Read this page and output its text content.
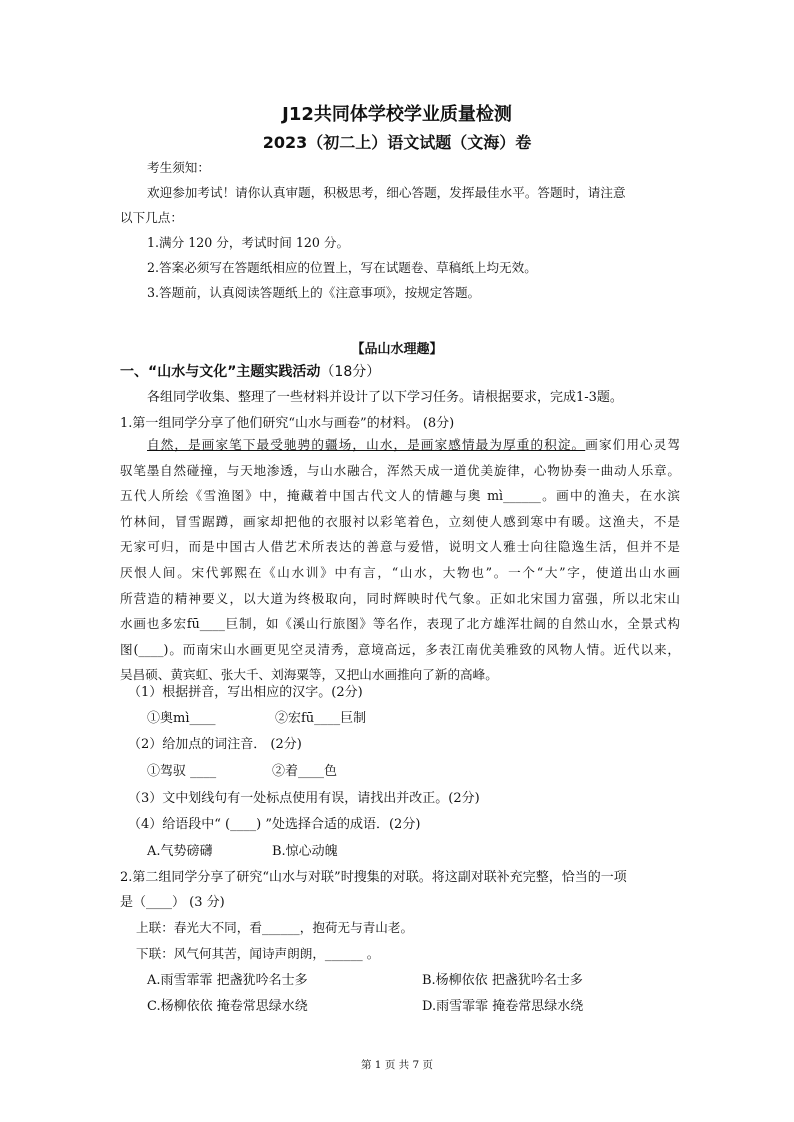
J12共同体学校学业质量检测
2023（初二上）语文试题（文海）卷
考生须知：
欢迎参加考试！请你认真审题，积极思考，细心答题，发挥最佳水平。答题时，请注意
以下几点：
1.满分 120 分，考试时间 120 分。
2.答案必须写在答题纸相应的位置上，写在试题卷、草稿纸上均无效。
3.答题前，认真阅读答题纸上的《注意事项》，按规定答题。
【品山水理趣】
一、“山水与文化”主题实践活动（18分）
各组同学收集、整理了一些材料并设计了以下学习任务。请根据要求，完成1-3题。
1.第一组同学分享了他们研究“山水与画卷”的材料。 (8分)
自然，是画家笔下最受驰骋的疆场，山水，是画家感情最为厚重的积淀。画家们用心灵驾
驭笔墨自然碰撞，与天地渗透，与山水融合，浑然天成一道优美旋律，心物协奏一曲动人乐章。
五代人所绘《雪渔图》中，掩藏着中国古代文人的情趣与奥 mì______。画中的渔夫，在水滨
竹林间，冒雪踞蹲，画家却把他的衣服衬以彩笔着色，立刻使人感到寒中有暖。这渔夫，不是
无家可归，而是中国古人借艺术所表达的善意与爱惜，说明文人雅士向往隐逸生活，但并不是
厌恨人间。宋代郭熙在《山水训》中有言，“山水，大物也”。一个“大”字，使道出山水画
所营造的精神要义，以大道为终极取向，同时辉映时代气象。正如北宋国力富强，所以北宋山
水画也多宏fū____巨制，如《溪山行旅图》等名作，表现了北方雄浑壮阔的自然山水，全景式构
图(____)。而南宋山水画更见空灵清秀，意境高远，多表江南优美雅致的风物人情。近代以来，
吴昌硕、黄宾虹、张大千、刘海粟等，又把山水画推向了新的高峰。
（1）根据拼音，写出相应的汉字。(2分)
①奥mì____	②宏fū____巨制
（2）给加点的词注音． (2分)
①驾驭 ____	②着____色
（3）文中划线句有一处标点使用有误，请找出并改正。(2分)
（4）给语段中“ (____) ”处选择合适的成语．(2分)
A.气势磅礴	B.惊心动魄
2.第二组同学分享了研究“山水与对联”时搜集的对联。将这副对联补充完整，恰当的一项
是（____） (3 分)
上联：春光大不同，看______，抱荷无与青山老。
下联：风气何其苦，闻诗声朗朗，______ 。
A.雨雪霏霏 把盏犹吟名士多	B.杨柳依依 把盏犹吟名士多
C.杨柳依依 掩卷常思绿水绕	D.雨雪霏霏 掩卷常思绿水绕
第 1 页 共 7 页
